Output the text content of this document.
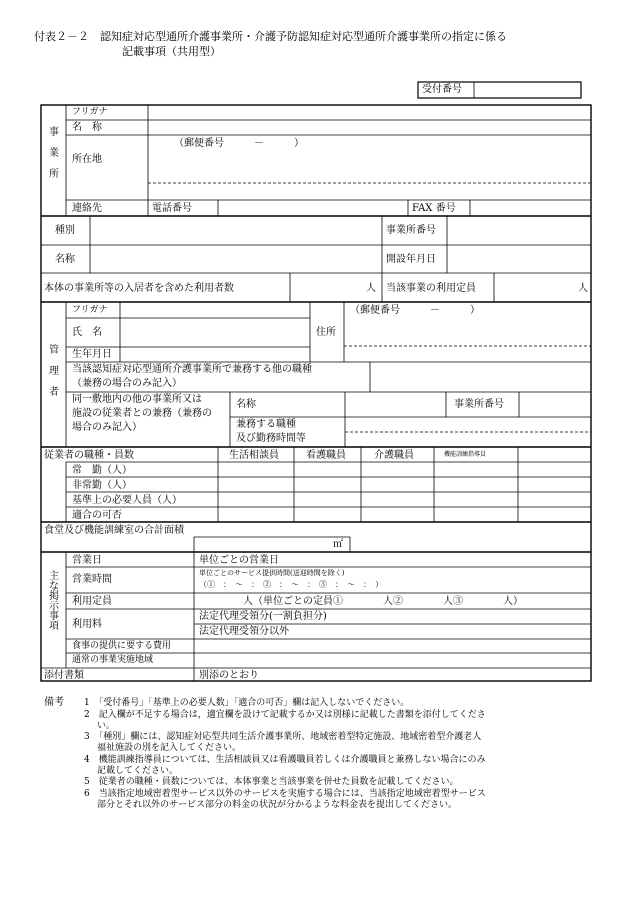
付表２－２　認知症対応型通所介護事業所・介護予防認知症対応型通所介護事業所の指定に係る
記載事項（共用型）
受付番号
事
業
所
フリガナ
名　称
所在地
（郵便番号　　　－　　　）
連絡先	電話番号	FAX 番号
種別	事業所番号
名称	開設年月日
本体の事業所等の入居者を含めた利用者数	人 当該事業の利用定員	人
管
理
者
フリガナ
氏　名	住所
（郵便番号　　　－　　　）
生年月日
当該認知症対応型通所介護事業所で兼務する他の職種
（兼務の場合のみ記入）
同一敷地内の他の事業所又は
施設の従業者との兼務（兼務の
場合のみ記入）
名称	事業所番号
兼務する職種
及び勤務時間等
従業者の職種・員数	生活相談員	看護職員	介護職員	機能訓練指導員
常　勤（人）
非常勤（人）
基準上の必要人員（人）
適合の可否
食堂及び機能訓練室の合計面積
㎡
主
な
掲
示
事
項
営業日	単位ごとの営業日
営業時間
単位ごとのサービス提供時間(送迎時間を除く)
（①　：　～　：　②　：　～　：　③　：　～　：　）
利用定員	人（単位ごとの定員①　　　　人②　　　　人③　　　　人）
利用料
法定代理受領分(一割負担分)
法定代理受領分以外
食事の提供に要する費用
通常の事業実施地域
添付書類	別添のとおり
備考 1　「受付番号」「基準上の必要人数」「適合の可否」欄は記入しないでください。
2　記入欄が不足する場合は，適宜欄を設けて記載するか又は別様に記載した書類を添付してくださ
い。
3　「種別」欄には、認知症対応型共同生活介護事業所、地域密着型特定施設、地域密着型介護老人
福祉施設の別を記入してください。
4　機能訓練指導員については、生活相談員又は看護職員若しくは介護職員と兼務しない場合にのみ
記載してください。
5　従業者の職種・員数については、本体事業と当該事業を併せた員数を記載してください。
6　当該指定地域密着型サービス以外のサービスを実施する場合には、当該指定地域密着型サービス
部分とそれ以外のサービス部分の料金の状況が分かるような料金表を提出してください。
